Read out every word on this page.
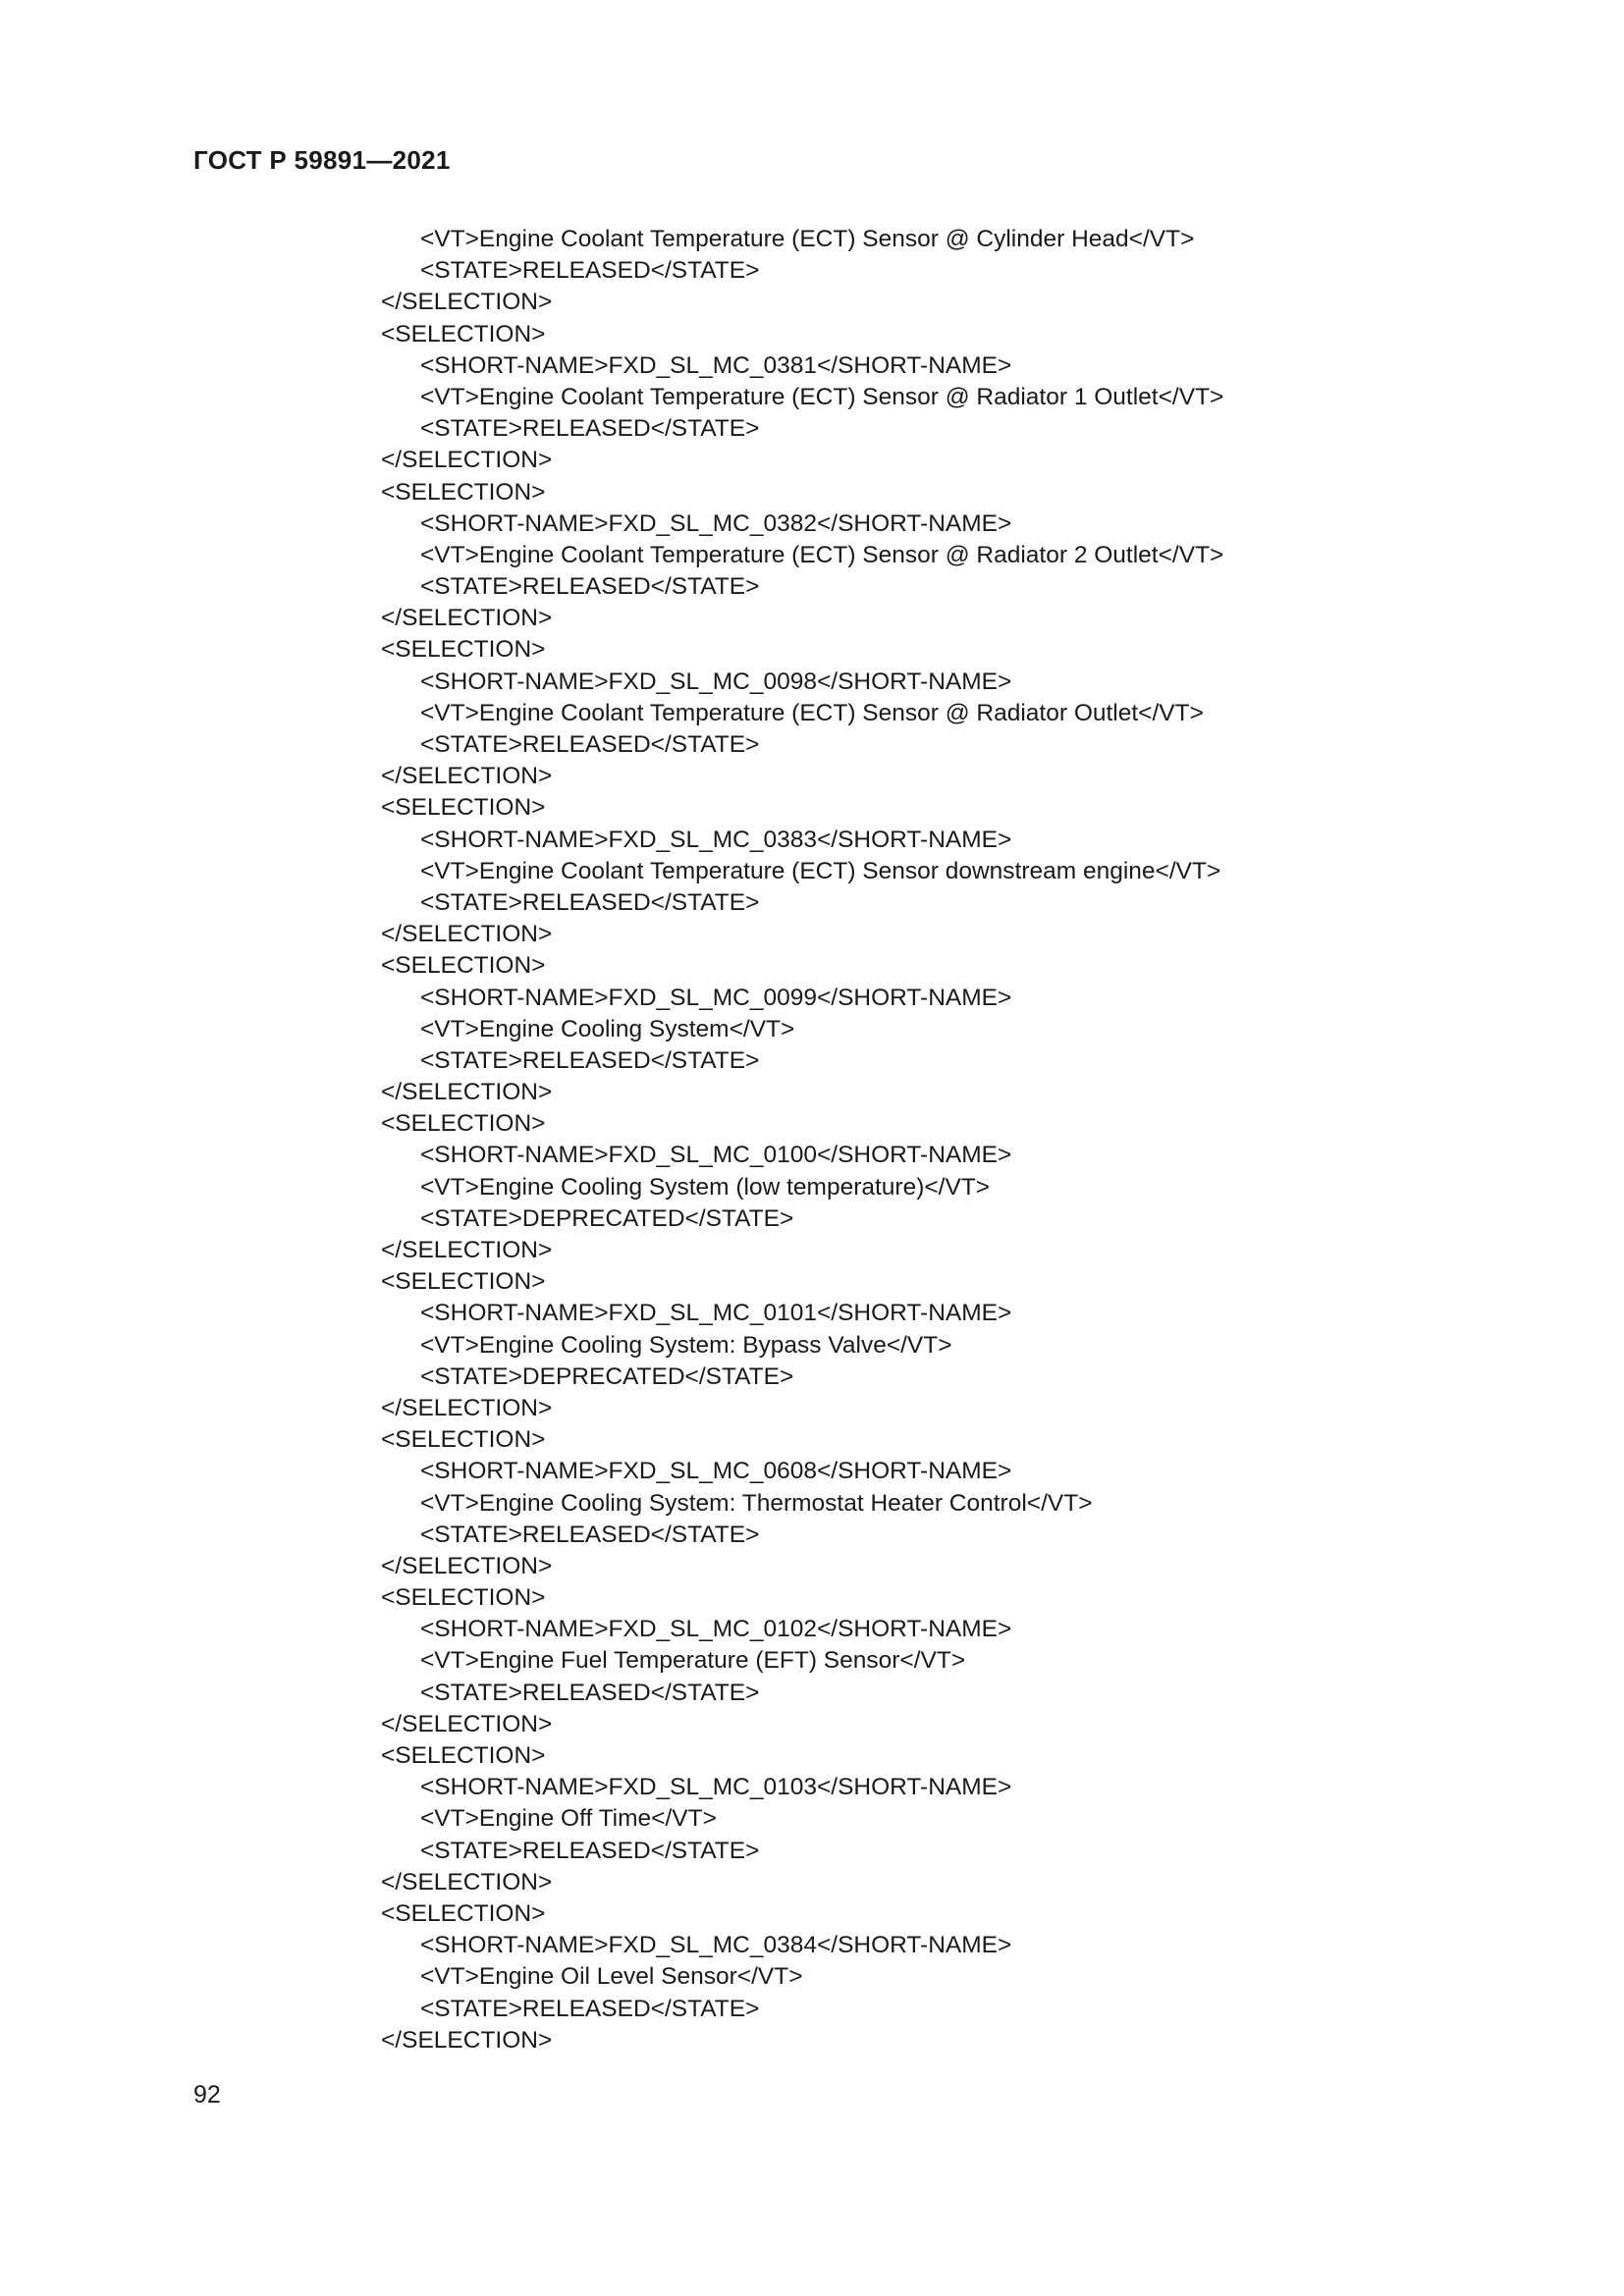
ГОСТ Р 59891—2021
<VT>Engine Coolant Temperature (ECT) Sensor @ Cylinder Head</VT>
<STATE>RELEASED</STATE>
</SELECTION>
<SELECTION>
<SHORT-NAME>FXD_SL_MC_0381</SHORT-NAME>
<VT>Engine Coolant Temperature (ECT) Sensor @ Radiator 1 Outlet</VT>
<STATE>RELEASED</STATE>
</SELECTION>
<SELECTION>
<SHORT-NAME>FXD_SL_MC_0382</SHORT-NAME>
<VT>Engine Coolant Temperature (ECT) Sensor @ Radiator 2 Outlet</VT>
<STATE>RELEASED</STATE>
</SELECTION>
<SELECTION>
<SHORT-NAME>FXD_SL_MC_0098</SHORT-NAME>
<VT>Engine Coolant Temperature (ECT) Sensor @ Radiator Outlet</VT>
<STATE>RELEASED</STATE>
</SELECTION>
<SELECTION>
<SHORT-NAME>FXD_SL_MC_0383</SHORT-NAME>
<VT>Engine Coolant Temperature (ECT) Sensor downstream engine</VT>
<STATE>RELEASED</STATE>
</SELECTION>
<SELECTION>
<SHORT-NAME>FXD_SL_MC_0099</SHORT-NAME>
<VT>Engine Cooling System</VT>
<STATE>RELEASED</STATE>
</SELECTION>
<SELECTION>
<SHORT-NAME>FXD_SL_MC_0100</SHORT-NAME>
<VT>Engine Cooling System (low temperature)</VT>
<STATE>DEPRECATED</STATE>
</SELECTION>
<SELECTION>
<SHORT-NAME>FXD_SL_MC_0101</SHORT-NAME>
<VT>Engine Cooling System: Bypass Valve</VT>
<STATE>DEPRECATED</STATE>
</SELECTION>
<SELECTION>
<SHORT-NAME>FXD_SL_MC_0608</SHORT-NAME>
<VT>Engine Cooling System: Thermostat Heater Control</VT>
<STATE>RELEASED</STATE>
</SELECTION>
<SELECTION>
<SHORT-NAME>FXD_SL_MC_0102</SHORT-NAME>
<VT>Engine Fuel Temperature (EFT) Sensor</VT>
<STATE>RELEASED</STATE>
</SELECTION>
<SELECTION>
<SHORT-NAME>FXD_SL_MC_0103</SHORT-NAME>
<VT>Engine Off Time</VT>
<STATE>RELEASED</STATE>
</SELECTION>
<SELECTION>
<SHORT-NAME>FXD_SL_MC_0384</SHORT-NAME>
<VT>Engine Oil Level Sensor</VT>
<STATE>RELEASED</STATE>
</SELECTION>
92
